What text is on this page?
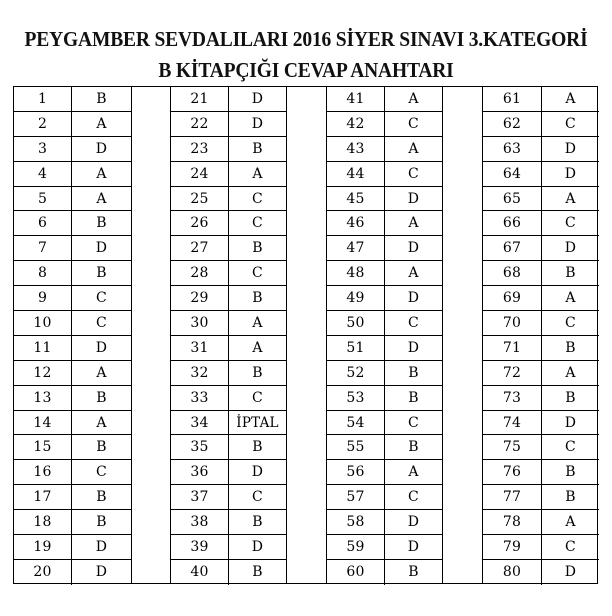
PEYGAMBER SEVDALILARI 2016 SİYER SINAVI 3.KATEGORİ
B KİTAPÇIĞI CEVAP ANAHTARI
1	B
2	A
3	D
4	A
5	A
6	B
7	D
8	B
9	C
10	C
11	D
12	A
13	B
14	A
15	B
16	C
17	B
18	B
19	D
20	D
21	D
22	D
23	B
24	A
25	C
26	C
27	B
28	C
29	B
30	A
31	A
32	B
33	C
34	İPTAL
35	B
36	D
37	C
38	B
39	D
40	B
41	A
42	C
43	A
44	C
45	D
46	A
47	D
48	A
49	D
50	C
51	D
52	B
53	B
54	C
55	B
56	A
57	C
58	D
59	D
60	B
61	A
62	C
63	D
64	D
65	A
66	C
67	D
68	B
69	A
70	C
71	B
72	A
73	B
74	D
75	C
76	B
77	B
78	A
79	C
80	D
